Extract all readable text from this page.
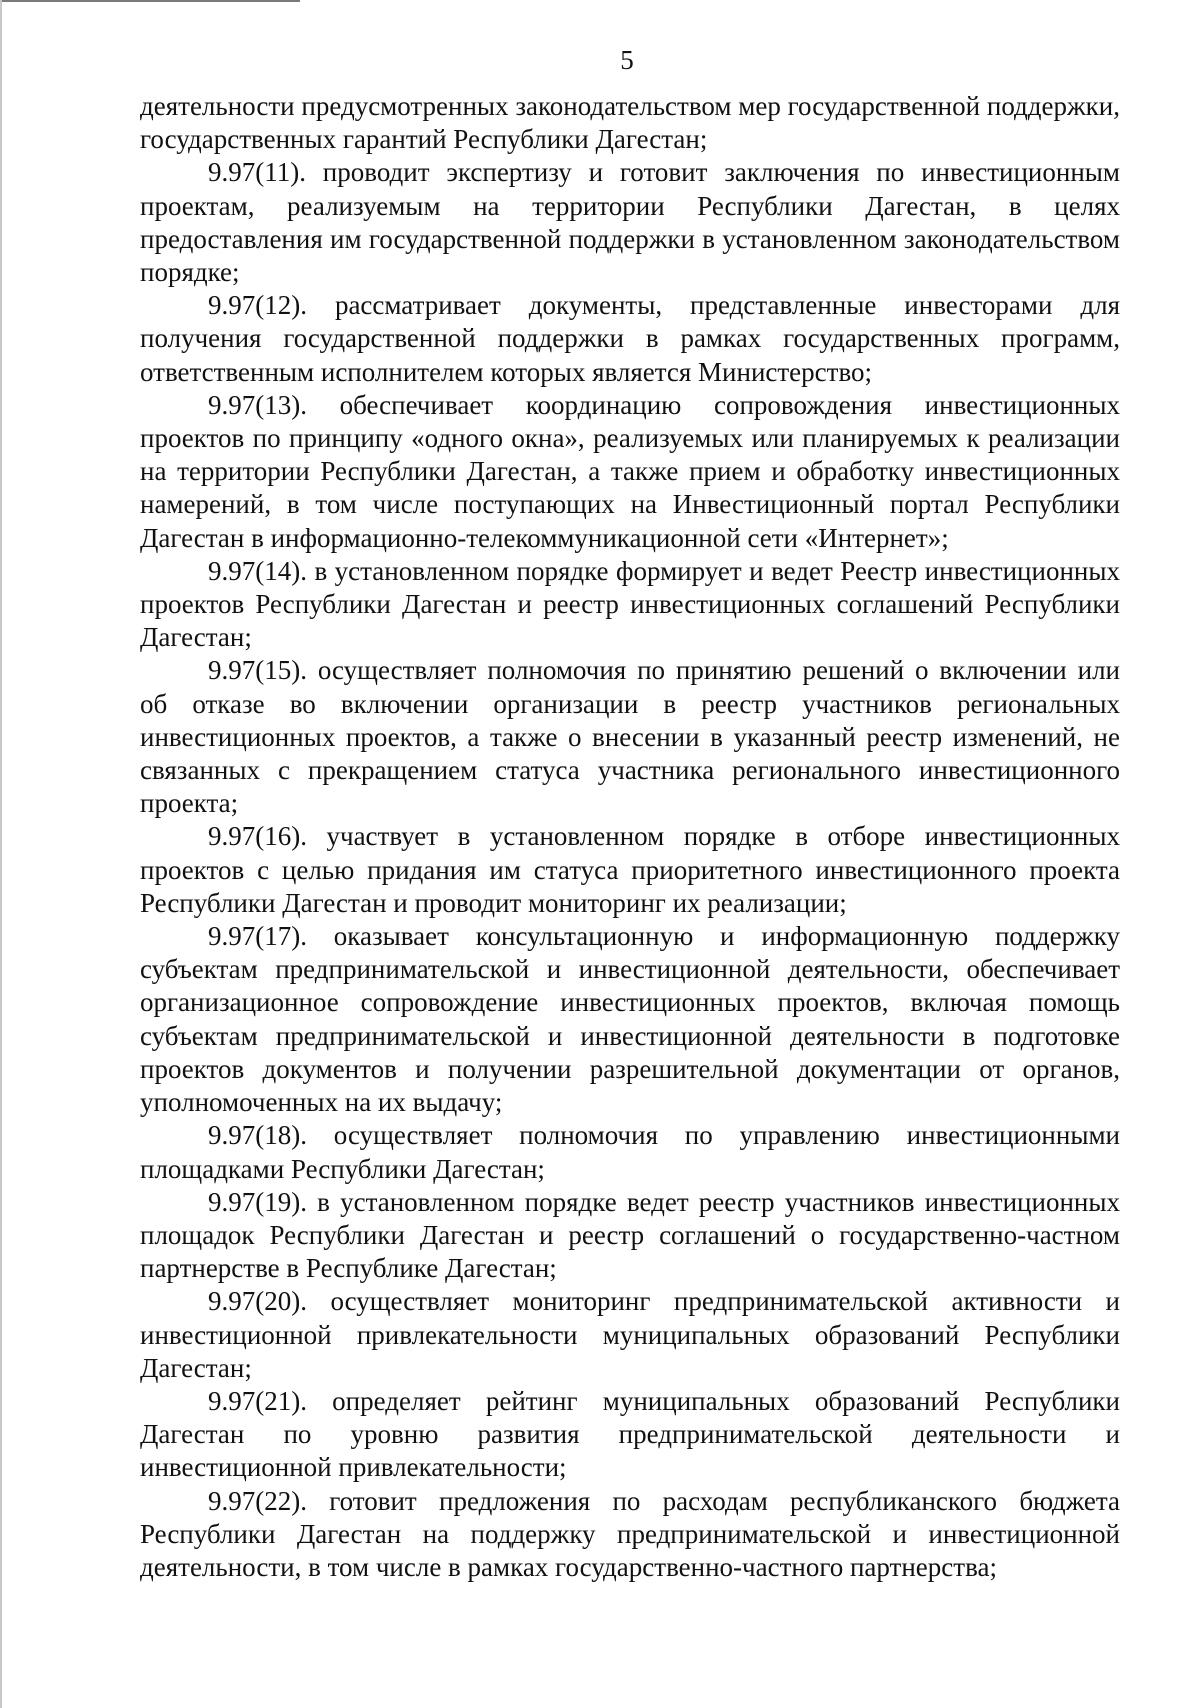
5

деятельности предусмотренных законодательством мер государственной поддержки, государственных гарантий Республики Дагестан;

9.97(11). проводит экспертизу и готовит заключения по инвестиционным проектам, реализуемым на территории Республики Дагестан, в целях предоставления им государственной поддержки в установленном законодательством порядке;

9.97(12). рассматривает документы, представленные инвесторами для получения государственной поддержки в рамках государственных программ, ответственным исполнителем которых является Министерство;

9.97(13). обеспечивает координацию сопровождения инвестиционных проектов по принципу «одного окна», реализуемых или планируемых к реализации на территории Республики Дагестан, а также прием и обработку инвестиционных намерений, в том числе поступающих на Инвестиционный портал Республики Дагестан в информационно-телекоммуникационной сети «Интернет»;

9.97(14). в установленном порядке формирует и ведет Реестр инвестиционных проектов Республики Дагестан и реестр инвестиционных соглашений Республики Дагестан;

9.97(15). осуществляет полномочия по принятию решений о включении или об отказе во включении организации в реестр участников региональных инвестиционных проектов, а также о внесении в указанный реестр изменений, не связанных с прекращением статуса участника регионального инвестиционного проекта;

9.97(16). участвует в установленном порядке в отборе инвестиционных проектов с целью придания им статуса приоритетного инвестиционного проекта Республики Дагестан и проводит мониторинг их реализации;

9.97(17). оказывает консультационную и информационную поддержку субъектам предпринимательской и инвестиционной деятельности, обеспечивает организационное сопровождение инвестиционных проектов, включая помощь субъектам предпринимательской и инвестиционной деятельности в подготовке проектов документов и получении разрешительной документации от органов, уполномоченных на их выдачу;

9.97(18). осуществляет полномочия по управлению инвестиционными площадками Республики Дагестан;

9.97(19). в установленном порядке ведет реестр участников инвестиционных площадок Республики Дагестан и реестр соглашений о государственно-частном партнерстве в Республике Дагестан;

9.97(20). осуществляет мониторинг предпринимательской активности и инвестиционной привлекательности муниципальных образований Республики Дагестан;

9.97(21). определяет рейтинг муниципальных образований Республики Дагестан по уровню развития предпринимательской деятельности и инвестиционной привлекательности;

9.97(22). готовит предложения по расходам республиканского бюджета Республики Дагестан на поддержку предпринимательской и инвестиционной деятельности, в том числе в рамках государственно-частного партнерства;
